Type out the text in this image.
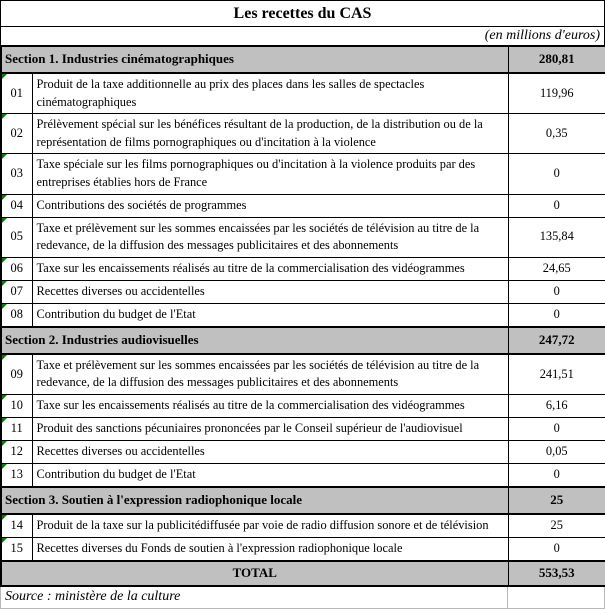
Les recettes du CAS
(en millions d'euros)
Section 1. Industries cinématographiques		280,81

01	Produit de la taxe additionnelle au prix des places dans les salles de spectacles cinématographiques	119,96

02	Prélèvement spécial sur les bénéfices résultant de la production, de la distribution ou de la représentation de films pornographiques ou d'incitation à la violence	0,35

03	Taxe spéciale sur les films pornographiques ou d'incitation à la violence produits par des entreprises établies hors de France	0

04	Contributions des sociétés de programmes	0

05	Taxe et prélèvement sur les sommes encaissées par les sociétés de télévision au titre de la redevance, de la diffusion des messages publicitaires et des abonnements	135,84

06	Taxe sur les encaissements réalisés au titre de la commercialisation des vidéogrammes	24,65

07	Recettes diverses ou accidentelles	0

08	Contribution du budget de l'Etat	0
Section 2. Industries audiovisuelles		247,72

09	Taxe et prélèvement sur les sommes encaissées par les sociétés de télévision au titre de la redevance, de la diffusion des messages publicitaires et des abonnements	241,51

10	Taxe sur les encaissements réalisés au titre de la commercialisation des vidéogrammes	6,16

11	Produit des sanctions pécuniaires prononcées par le Conseil supérieur de l'audiovisuel	0

12	Recettes diverses ou accidentelles	0,05

13	Contribution du budget de l'Etat	0
Section 3. Soutien à l'expression radiophonique locale		25

14	Produit de la taxe sur la publicitédiffusée par voie de radio diffusion sonore et de télévision	25

15	Recettes diverses du Fonds de soutien à l'expression radiophonique locale	0
TOTAL		553,53
Source : ministère de la culture
